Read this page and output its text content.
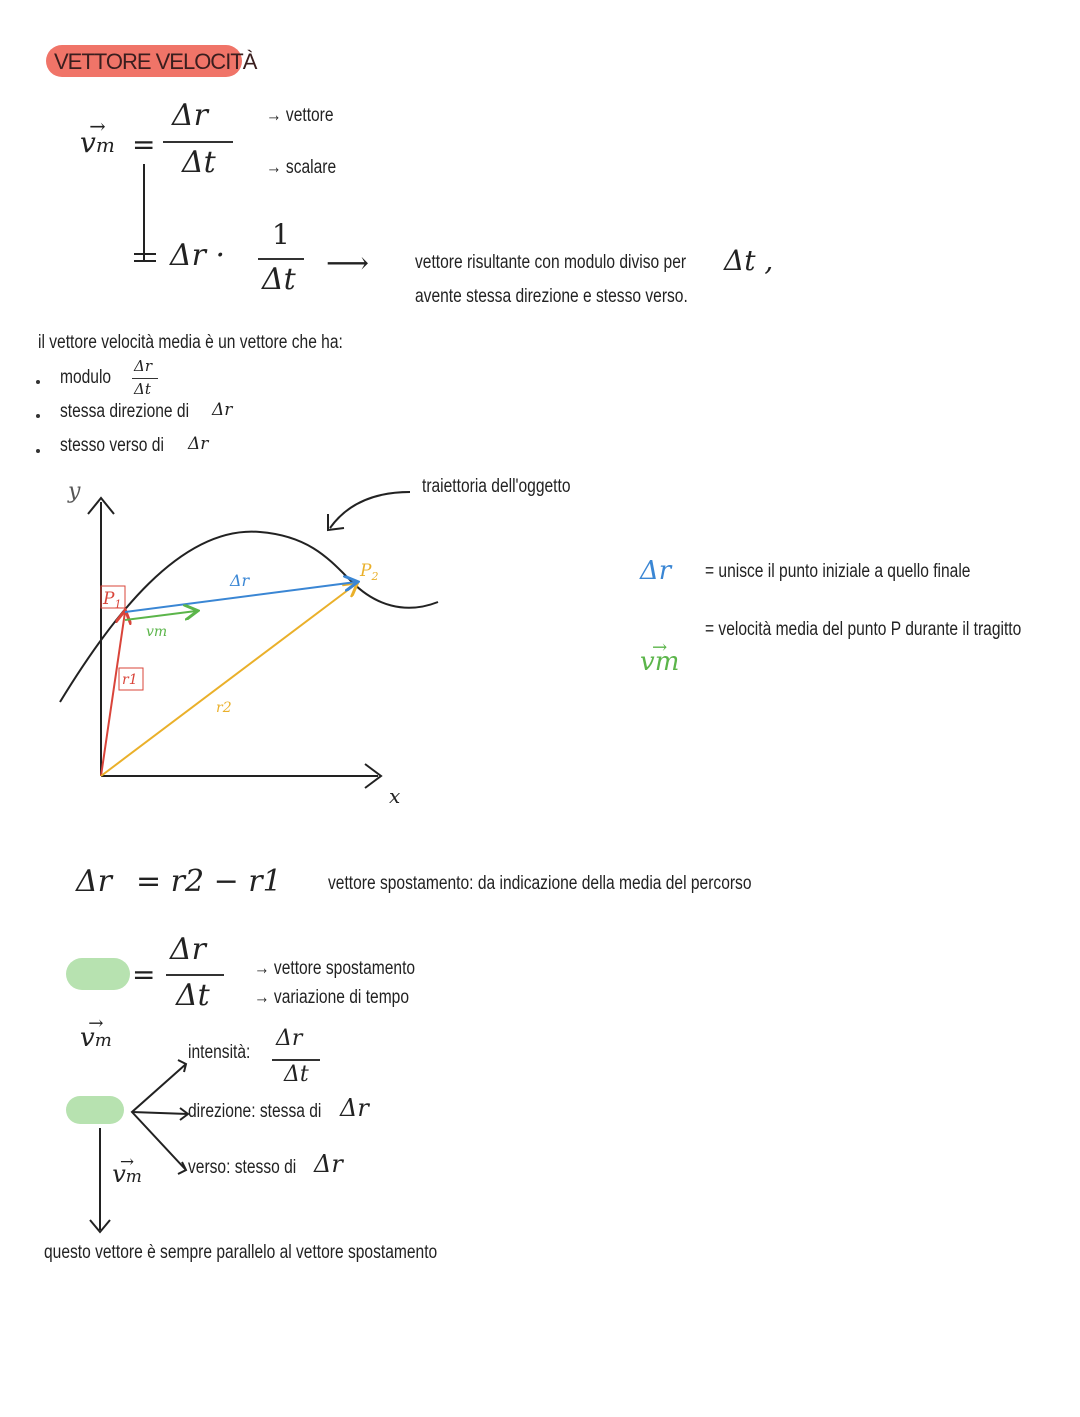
VETTORE VELOCITÀ
vm → =
Δr
Δt
→ vettore
→ scalare
Δr ·
1
Δt ⟶ vettore risultante con modulo diviso per Δt ,
avente stessa direzione e stesso verso.
il vettore velocità media è un vettore che ha:
modulo
Δr
Δt
stessa direzione di Δr
stesso verso di Δr
y
x
$P_1$
$P_2$
Δr
vm
r1
r2
traiettoria dell'oggetto
Δr = unisce il punto iniziale a quello finale
vm →
= velocità media del punto P durante il tragitto
Δr = r2 − r1 vettore spostamento: da indicazione della media del percorso
vm →
=
Δr
Δt
→ vettore spostamento
→ variazione di tempo
vm →
intensità:
Δr
Δt
direzione: stessa di Δr
verso: stesso di Δr
questo vettore è sempre parallelo al vettore spostamento
